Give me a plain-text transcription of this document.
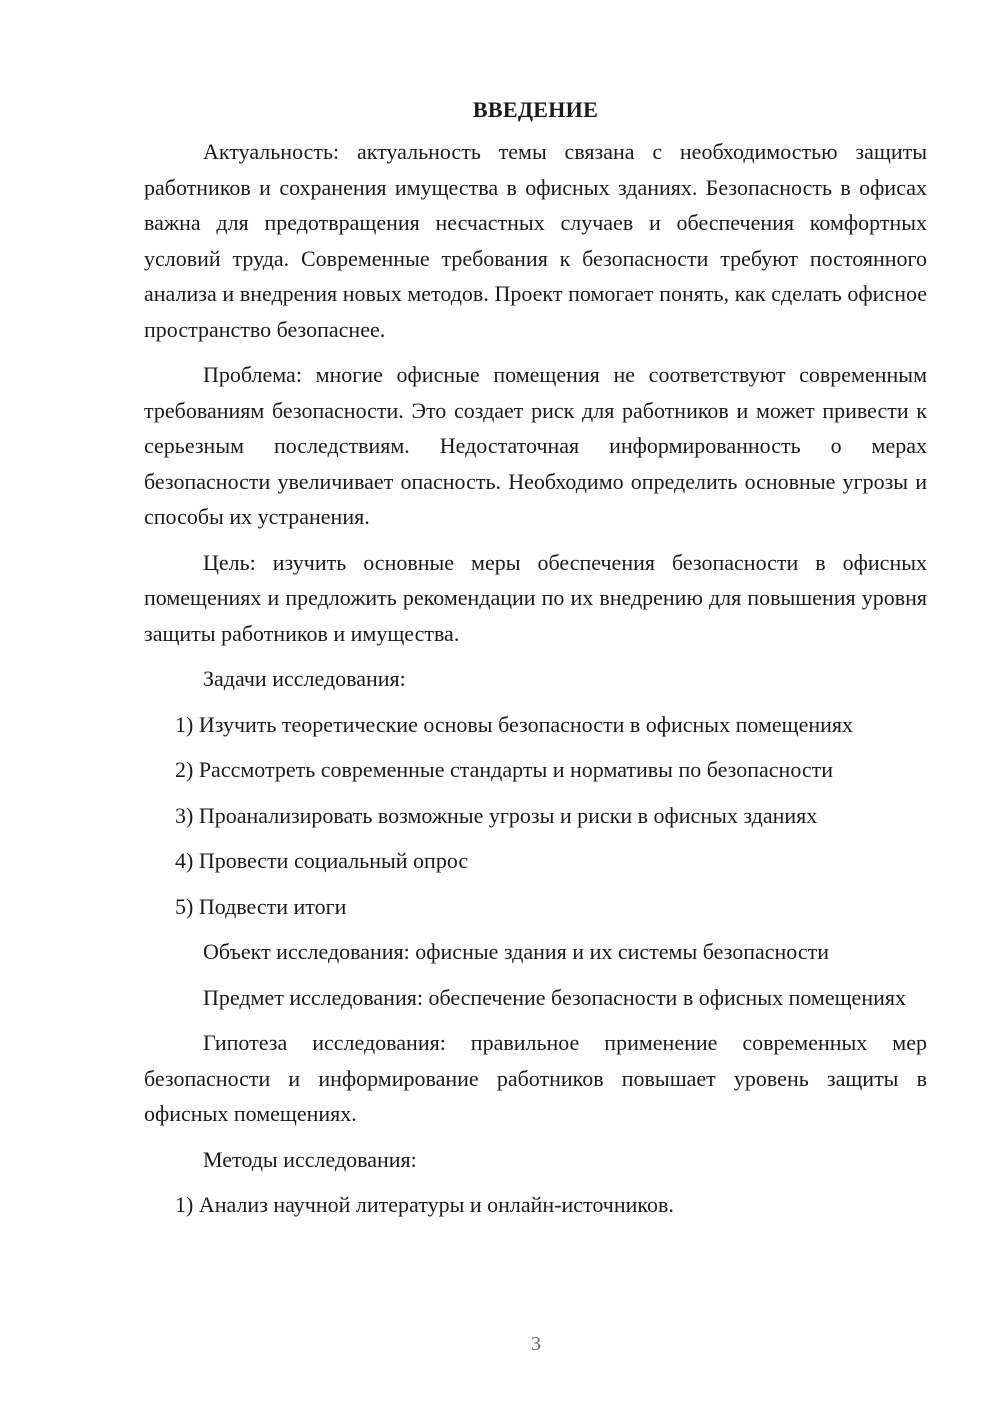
ВВЕДЕНИЕ

Актуальность: актуальность темы связана с необходимостью защиты работников и сохранения имущества в офисных зданиях. Безопасность в офисах важна для предотвращения несчастных случаев и обеспечения комфортных условий труда. Современные требования к безопасности требуют постоянного анализа и внедрения новых методов. Проект помогает понять, как сделать офисное пространство безопаснее.

Проблема: многие офисные помещения не соответствуют современным требованиям безопасности. Это создает риск для работников и может привести к серьезным последствиям. Недостаточная информированность о мерах безопасности увеличивает опасность. Необходимо определить основные угрозы и способы их устранения.

Цель: изучить основные меры обеспечения безопасности в офисных помещениях и предложить рекомендации по их внедрению для повышения уровня защиты работников и имущества.

Задачи исследования:

1) Изучить теоретические основы безопасности в офисных помещениях

2) Рассмотреть современные стандарты и нормативы по безопасности

3) Проанализировать возможные угрозы и риски в офисных зданиях

4) Провести социальный опрос

5) Подвести итоги

Объект исследования: офисные здания и их системы безопасности

Предмет исследования: обеспечение безопасности в офисных помещениях

Гипотеза исследования: правильное применение современных мер безопасности и информирование работников повышает уровень защиты в офисных помещениях.

Методы исследования:

1) Анализ научной литературы и онлайн-источников.

3
